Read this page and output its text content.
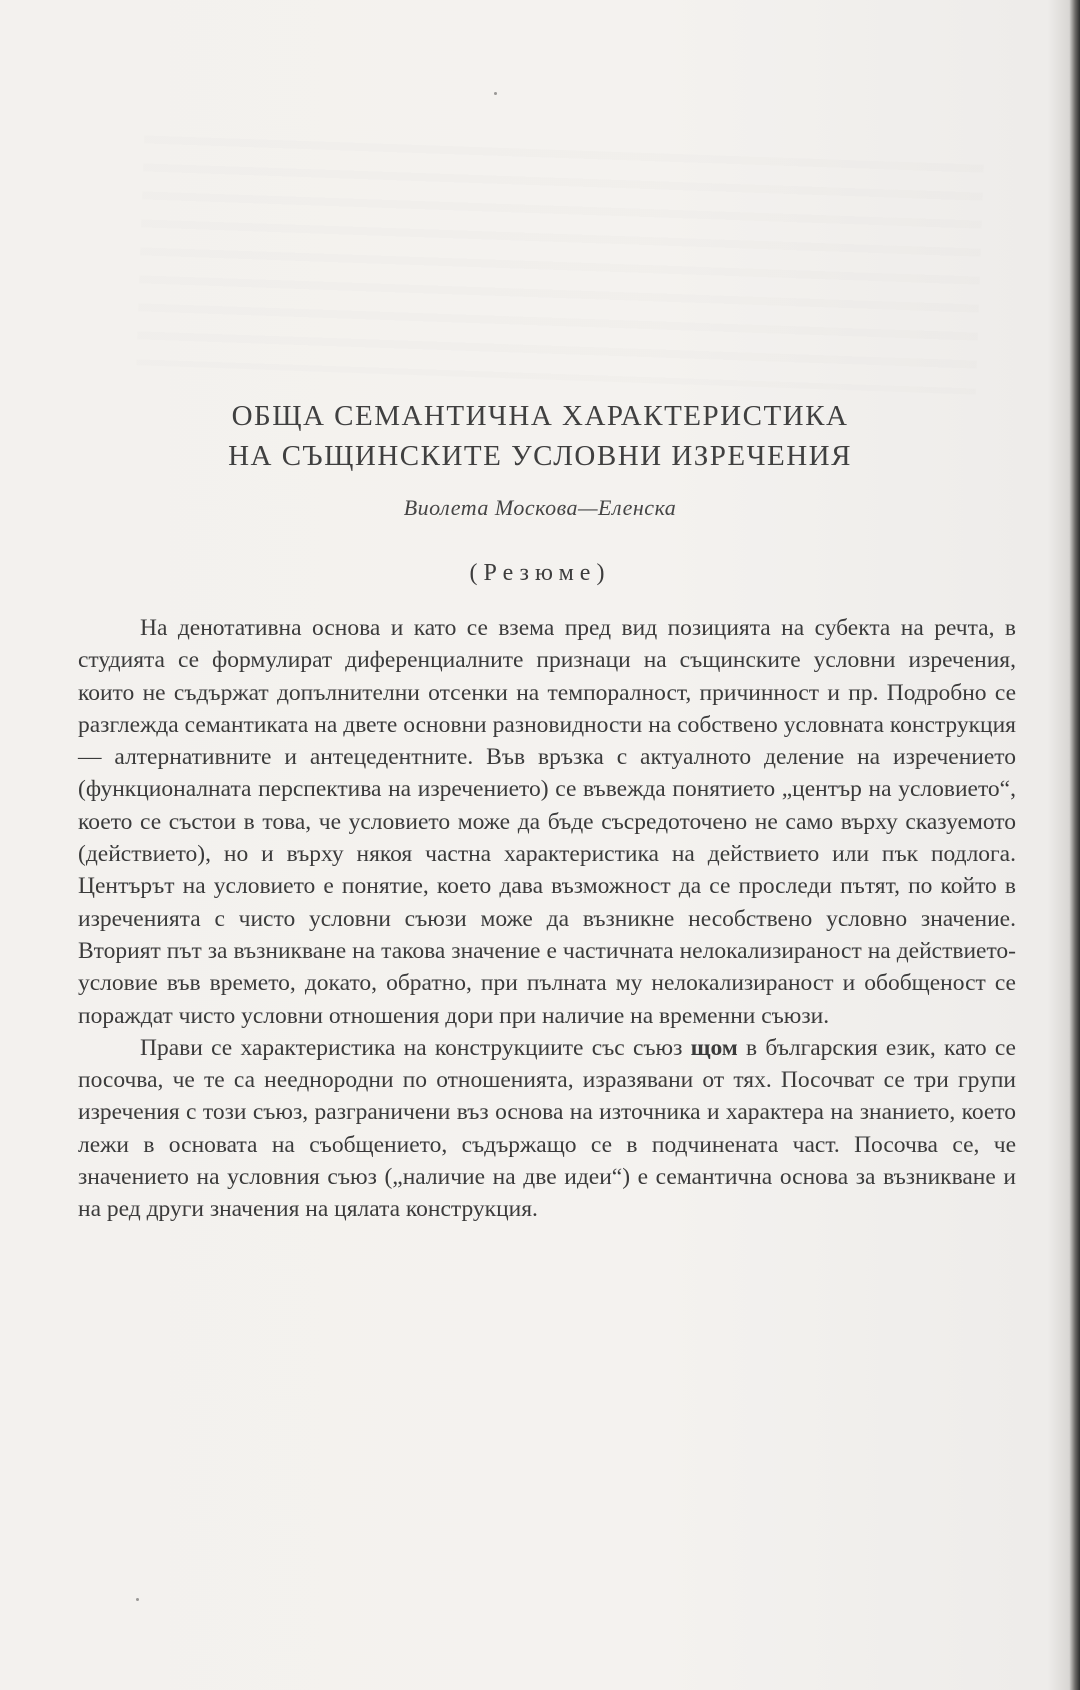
ОБЩА СЕМАНТИЧНА ХАРАКТЕРИСТИКА

НА СЪЩИНСКИТЕ УСЛОВНИ ИЗРЕЧЕНИЯ

Виолета Москова—Еленска
(Резюме)

На денотативна основа и като се взема пред вид позицията на субекта на речта, в студията се формулират диференциалните признаци на същинските условни изречения, които не съдържат допълнителни отсенки на темпоралност, причинност и пр. Подробно се разглежда семантиката на двете основни разновидности на собствено условната конструкция — алтернативните и антецедентните. Във връзка с актуалното деление на изречението (функционалната перспектива на изречението) се въвежда понятието „център на условието“, което се състои в това, че условието може да бъде съсредоточено не само върху сказуемото (действието), но и върху някоя частна характеристика на действието или пък подлога. Центърът на условието е понятие, което дава възможност да се проследи пътят, по който в изреченията с чисто условни съюзи може да възникне несобствено условно значение. Вторият път за възникване на такова значение е частичната нелокализираност на действието-условие във времето, докато, обратно, при пълната му нелокализираност и обобщеност се пораждат чисто условни отношения дори при наличие на временни съюзи.

Прави се характеристика на конструкциите със съюз щом в българския език, като се посочва, че те са нееднородни по отношенията, изразявани от тях. Посочват се три групи изречения с този съюз, разграничени въз основа на източника и характера на знанието, което лежи в основата на съобщението, съдържащо се в подчинената част. Посочва се, че значението на условния съюз („наличие на две идеи“) е семантична основа за възникване и на ред други значения на цялата конструкция.
